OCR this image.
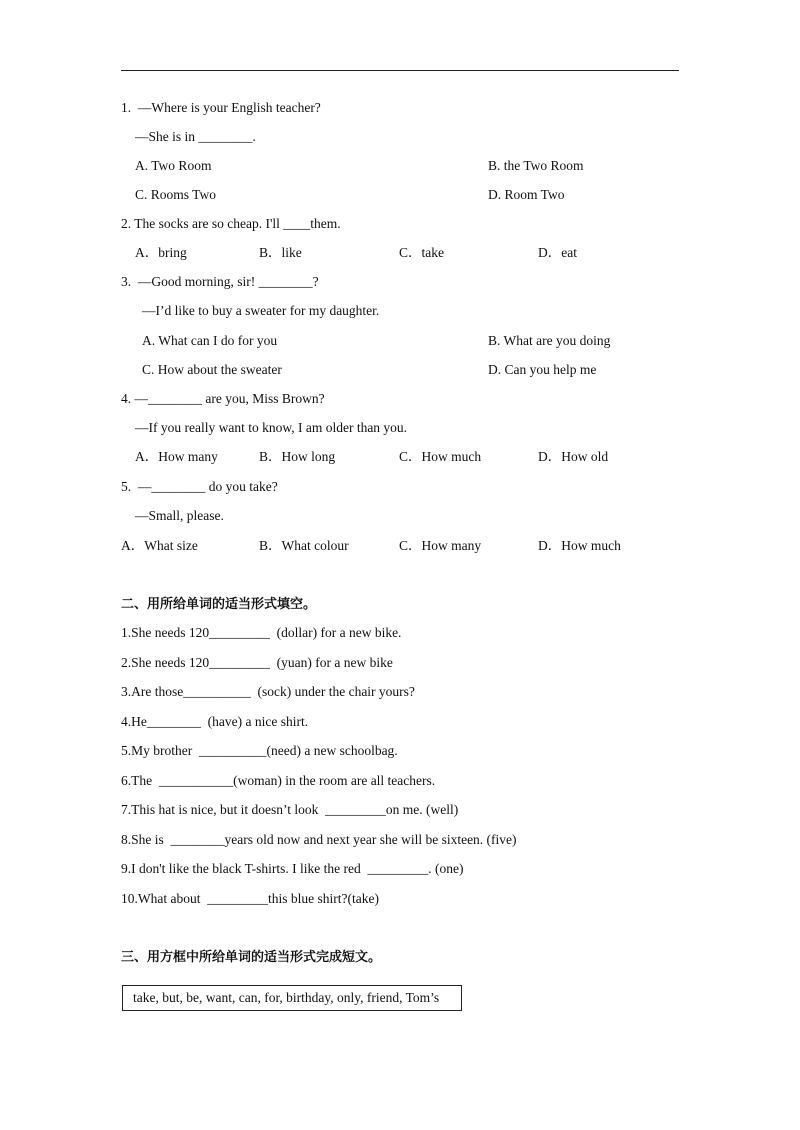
1.  —Where is your English teacher?
—She is in ________.
A. Two Room	B. the Two Room
C. Rooms Two	D. Room Two
2. The socks are so cheap. I'll ____them.
A．bring	B．like	C．take	D．eat
3.  —Good morning, sir! ________?
—I’d like to buy a sweater for my daughter.
A. What can I do for you	B. What are you doing
C. How about the sweater	D. Can you help me
4. —________ are you, Miss Brown?
—If you really want to know, I am older than you.
A．How many	B．How long	C．How much	D．How old
5.  —________ do you take?
—Small, please.
A．What size	B．What colour	C．How many	D．How much
二、用所给单词的适当形式填空。
1.She needs 120_________  (dollar) for a new bike.
2.She needs 120_________  (yuan) for a new bike
3.Are those__________  (sock) under the chair yours?
4.He________  (have) a nice shirt.
5.My brother  __________(need) a new schoolbag.
6.The  ___________(woman) in the room are all teachers.
7.This hat is nice, but it doesn’t look  _________on me. (well)
8.She is  ________years old now and next year she will be sixteen. (five)
9.I don't like the black T-shirts. I like the red  _________. (one)
10.What about  _________this blue shirt?(take)
三、用方框中所给单词的适当形式完成短文。
take, but, be, want, can, for, birthday, only, friend, Tom’s
